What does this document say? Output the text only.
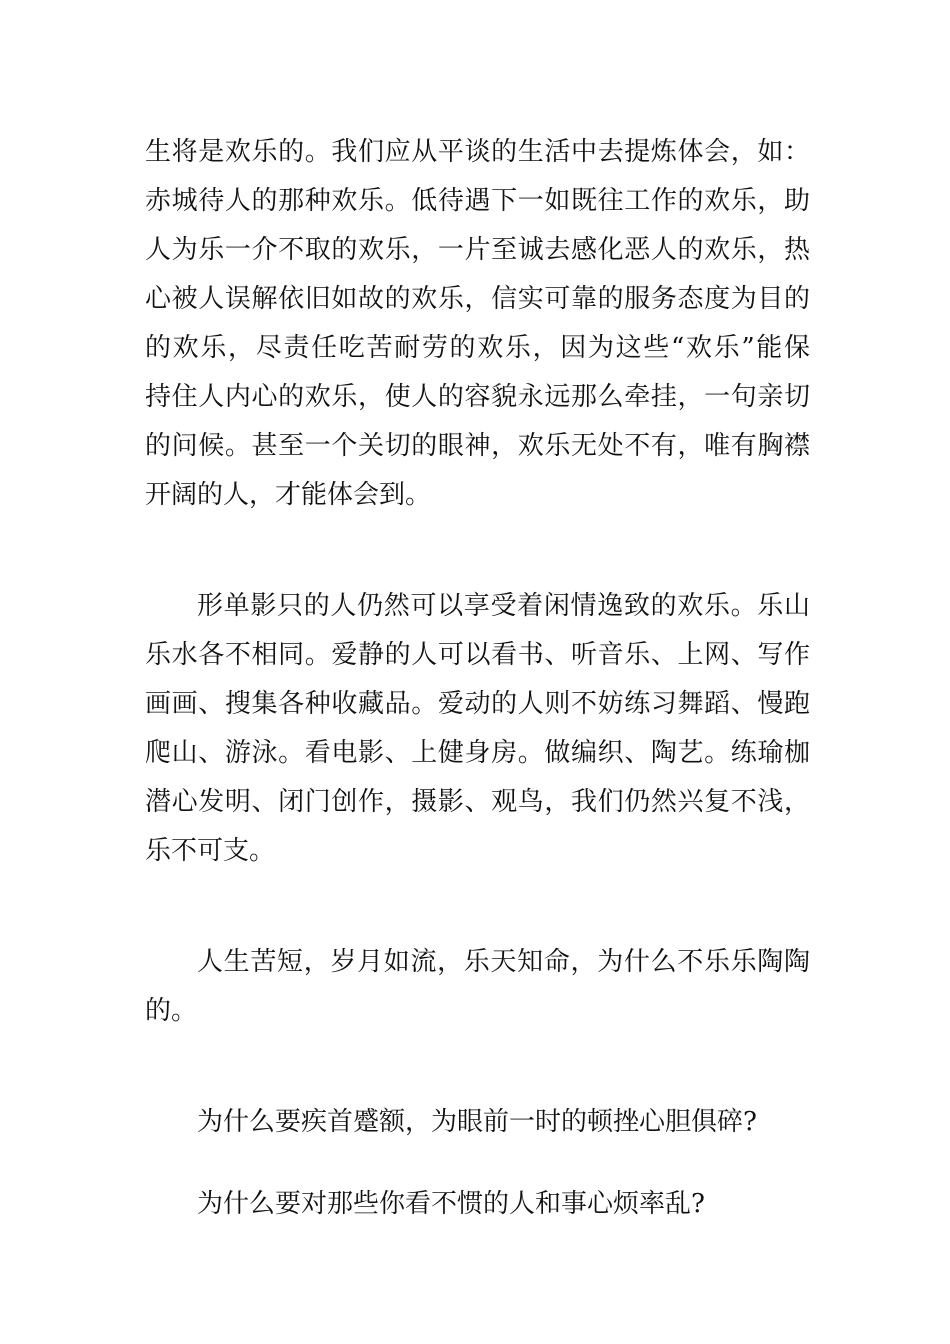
生将是欢乐的。我们应从平谈的生活中去提炼体会，如：
赤城待人的那种欢乐。低待遇下一如既往工作的欢乐，助
人为乐一介不取的欢乐，一片至诚去感化恶人的欢乐，热
心被人误解依旧如故的欢乐，信实可靠的服务态度为目的
的欢乐，尽责任吃苦耐劳的欢乐，因为这些“欢乐”能保
持住人内心的欢乐，使人的容貌永远那么牵挂，一句亲切
的问候。甚至一个关切的眼神，欢乐无处不有，唯有胸襟
开阔的人，才能体会到。
形单影只的人仍然可以享受着闲情逸致的欢乐。乐山
乐水各不相同。爱静的人可以看书、听音乐、上网、写作
画画、搜集各种收藏品。爱动的人则不妨练习舞蹈、慢跑
爬山、游泳。看电影、上健身房。做编织、陶艺。练瑜枷
潜心发明、闭门创作，摄影、观鸟，我们仍然兴复不浅，
乐不可支。
人生苦短，岁月如流，乐天知命，为什么不乐乐陶陶
的。
为什么要疾首蹙额，为眼前一时的顿挫心胆俱碎?
为什么要对那些你看不惯的人和事心烦率乱?
